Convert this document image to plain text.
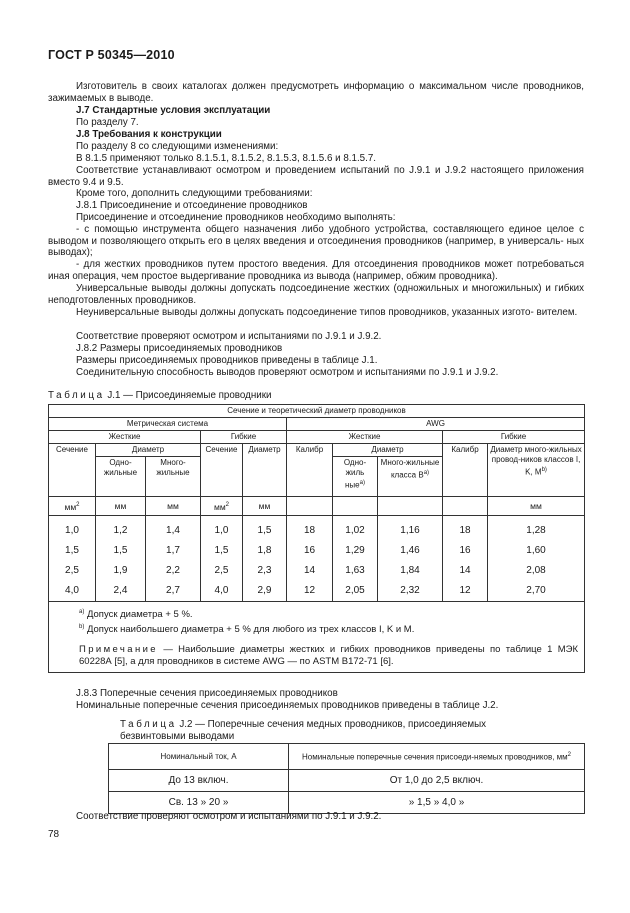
ГОСТ Р 50345—2010

Изготовитель в своих каталогах должен предусмотреть информацию о максимальном числе проводников, зажимаемых в выводе.

J.7 Стандартные условия эксплуатации

По разделу 7.

J.8 Требования к конструкции

По разделу 8 со следующими изменениями:

В 8.1.5 применяют только 8.1.5.1, 8.1.5.2, 8.1.5.3, 8.1.5.6 и 8.1.5.7.

Соответствие устанавливают осмотром и проведением испытаний по J.9.1 и J.9.2 настоящего приложения вместо 9.4 и 9.5.

Кроме того, дополнить следующими требованиями:

J.8.1 Присоединение и отсоединение проводников

Присоединение и отсоединение проводников необходимо выполнять:

- с помощью инструмента общего назначения либо удобного устройства, составляющего единое целое с выводом и позволяющего открыть его в целях введения и отсоединения проводников (например, в универсаль- ных выводах);

- для жестких проводников путем простого введения. Для отсоединения проводников может потребоваться иная операция, чем простое выдергивание проводника из вывода (например, обжим проводника).

Универсальные выводы должны допускать подсоединение жестких (одножильных и многожильных) и гибких неподготовленных проводников.

Неуниверсальные выводы должны допускать подсоединение типов проводников, указанных изгото- вителем.

Соответствие проверяют осмотром и испытаниями по J.9.1 и J.9.2.

J.8.2 Размеры присоединяемых проводников

Размеры присоединяемых проводников приведены в таблице J.1.

Соединительную способность выводов проверяют осмотром и испытаниями по J.9.1 и J.9.2.

Таблица J.1 — Присоединяемые проводники
Сечение и теоретический диаметр проводников									
Метрическая система					AWG				
Жесткие			Гибкие		Жесткие			Гибкие	
Сечение	Диаметр		Сечение	Диаметр	Калибр	Диаметр		Калибр	Диаметр много-жильных провод-ников классов I, K, $M^{b)}$
	Одно-жильные	Много-жильные				Одно-жиль ные$^{a)}$	Много-жильные класса $B^{a)}$
$мм^2$	мм	мм	$мм^2$	мм					мм
1,0	1,2	1,4	1,0	1,5	18	1,02	1,16	18	1,28
1,5	1,5	1,7	1,5	1,8	16	1,29	1,46	16	1,60
2,5	1,9	2,2	2,5	2,3	14	1,63	1,84	14	2,08
4,0	2,4	2,7	4,0	2,9	12	2,05	2,32	12	2,70

$^{a)}$ Допуск диаметра + 5 %.

$^{b)}$ Допуск наибольшего диаметра + 5 % для любого из трех классов I, K и M.

Примечание — Наибольшие диаметры жестких и гибких проводников приведены по таблице 1 МЭК 60228А [5], а для проводников в системе AWG — по ASTM B172-71 [6].									

J.8.3 Поперечные сечения присоединяемых проводников

Номинальные поперечные сечения присоединяемых проводников приведены в таблице J.2.

Таблица J.2 — Поперечные сечения медных проводников, присоединяемых
безвинтовыми выводами

Номинальный ток, А	Номинальные поперечные сечения присоеди-няемых проводников, $мм^2$
До 13 включ.	От 1,0 до 2,5 включ.
Св. 13 » 20 »	» 1,5 » 4,0 »

Соответствие проверяют осмотром и испытаниями по J.9.1 и J.9.2.

78
